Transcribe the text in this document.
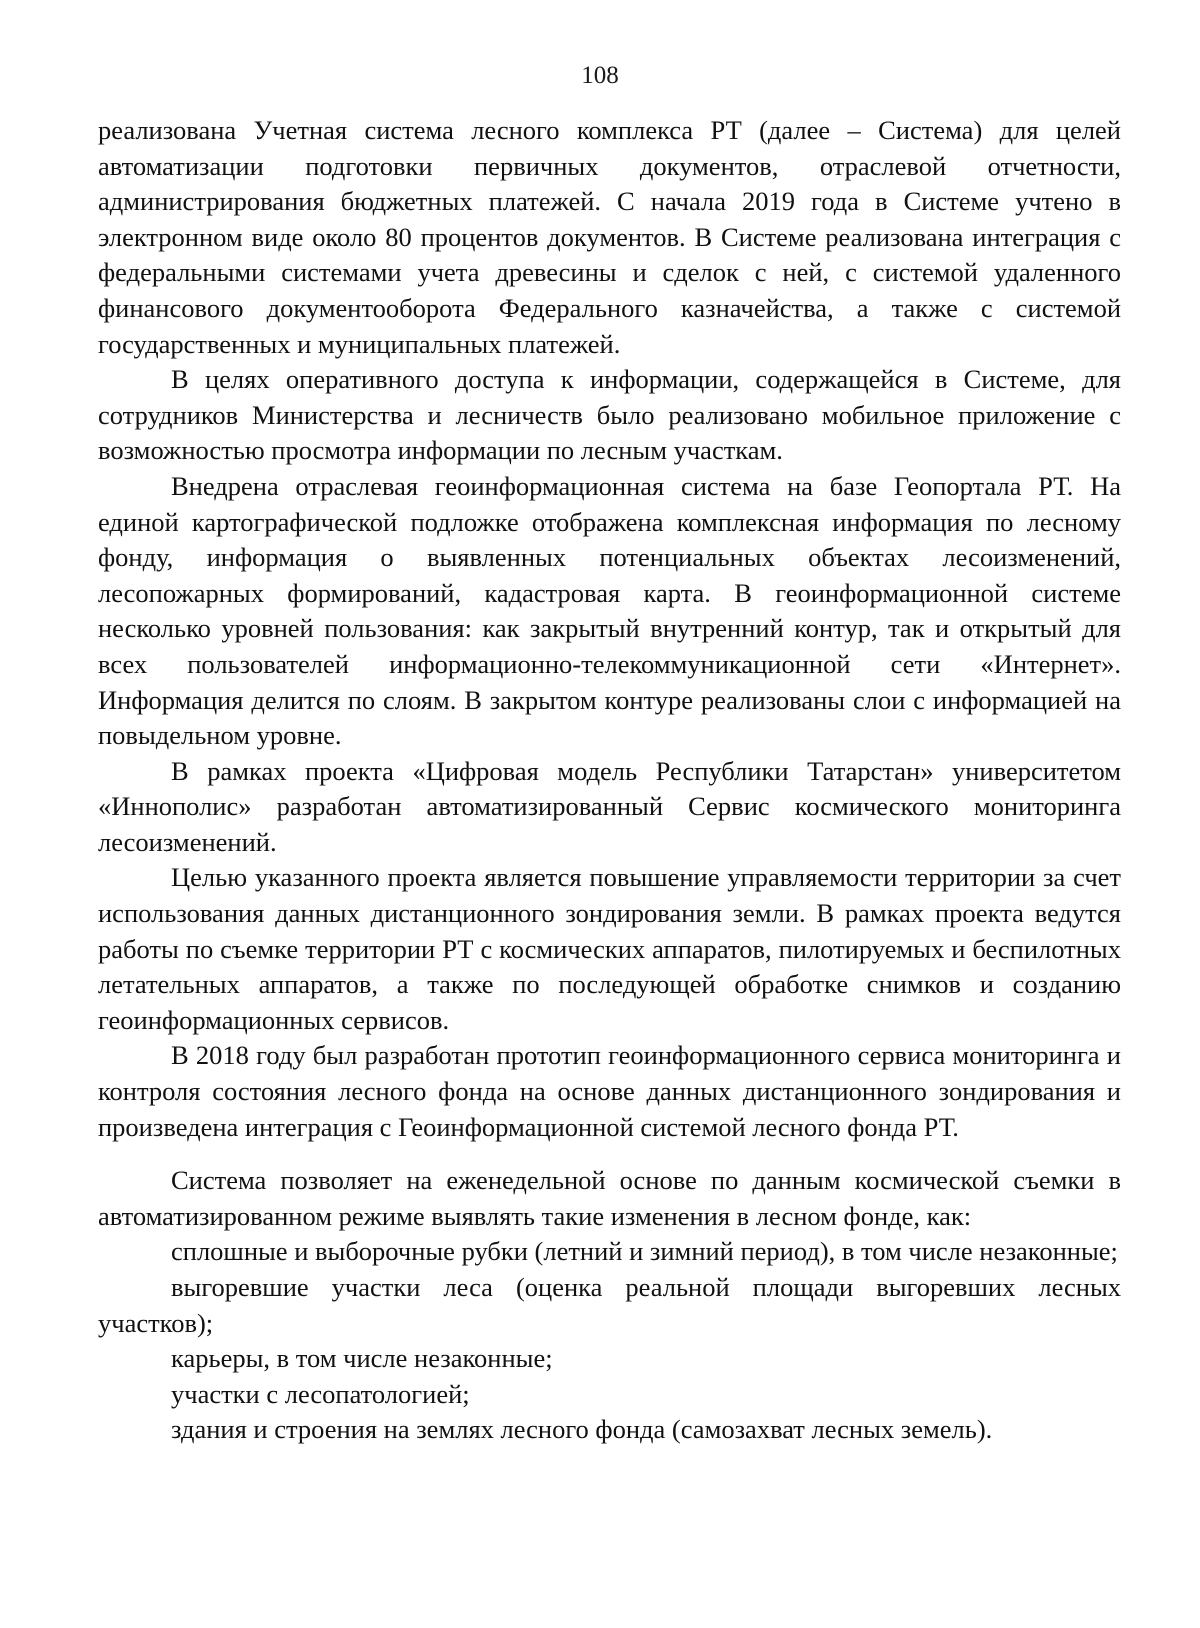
108

реализована Учетная система лесного комплекса РТ (далее – Система) для целей автоматизации подготовки первичных документов, отраслевой отчетности, администрирования бюджетных платежей. С начала 2019 года в Системе учтено в электронном виде около 80 процентов документов. В Системе реализована интеграция с федеральными системами учета древесины и сделок с ней, с системой удаленного финансового документооборота Федерального казначейства, а также с системой государственных и муниципальных платежей.

В целях оперативного доступа к информации, содержащейся в Системе, для сотрудников Министерства и лесничеств было реализовано мобильное приложение с возможностью просмотра информации по лесным участкам.

Внедрена отраслевая геоинформационная система на базе Геопортала РТ. На единой картографической подложке отображена комплексная информация по лесному фонду, информация о выявленных потенциальных объектах лесоизменений, лесопожарных формирований, кадастровая карта. В геоинформационной системе несколько уровней пользования: как закрытый внутренний контур, так и открытый для всех пользователей информационно-телекоммуникационной сети «Интернет». Информация делится по слоям. В закрытом контуре реализованы слои с информацией на повыдельном уровне.

В рамках проекта «Цифровая модель Республики Татарстан» университетом «Иннополис» разработан автоматизированный Сервис космического мониторинга лесоизменений.

Целью указанного проекта является повышение управляемости территории за счет использования данных дистанционного зондирования земли. В рамках проекта ведутся работы по съемке территории РТ с космических аппаратов, пилотируемых и беспилотных летательных аппаратов, а также по последующей обработке снимков и созданию геоинформационных сервисов.

В 2018 году был разработан прототип геоинформационного сервиса мониторинга и контроля состояния лесного фонда на основе данных дистанционного зондирования и произведена интеграция с Геоинформационной системой лесного фонда РТ.

Система позволяет на еженедельной основе по данным космической съемки в автоматизированном режиме выявлять такие изменения в лесном фонде, как:

сплошные и выборочные рубки (летний и зимний период), в том числе незаконные;

выгоревшие участки леса (оценка реальной площади выгоревших лесных участков);

карьеры, в том числе незаконные;

участки с лесопатологией;

здания и строения на землях лесного фонда (самозахват лесных земель).
